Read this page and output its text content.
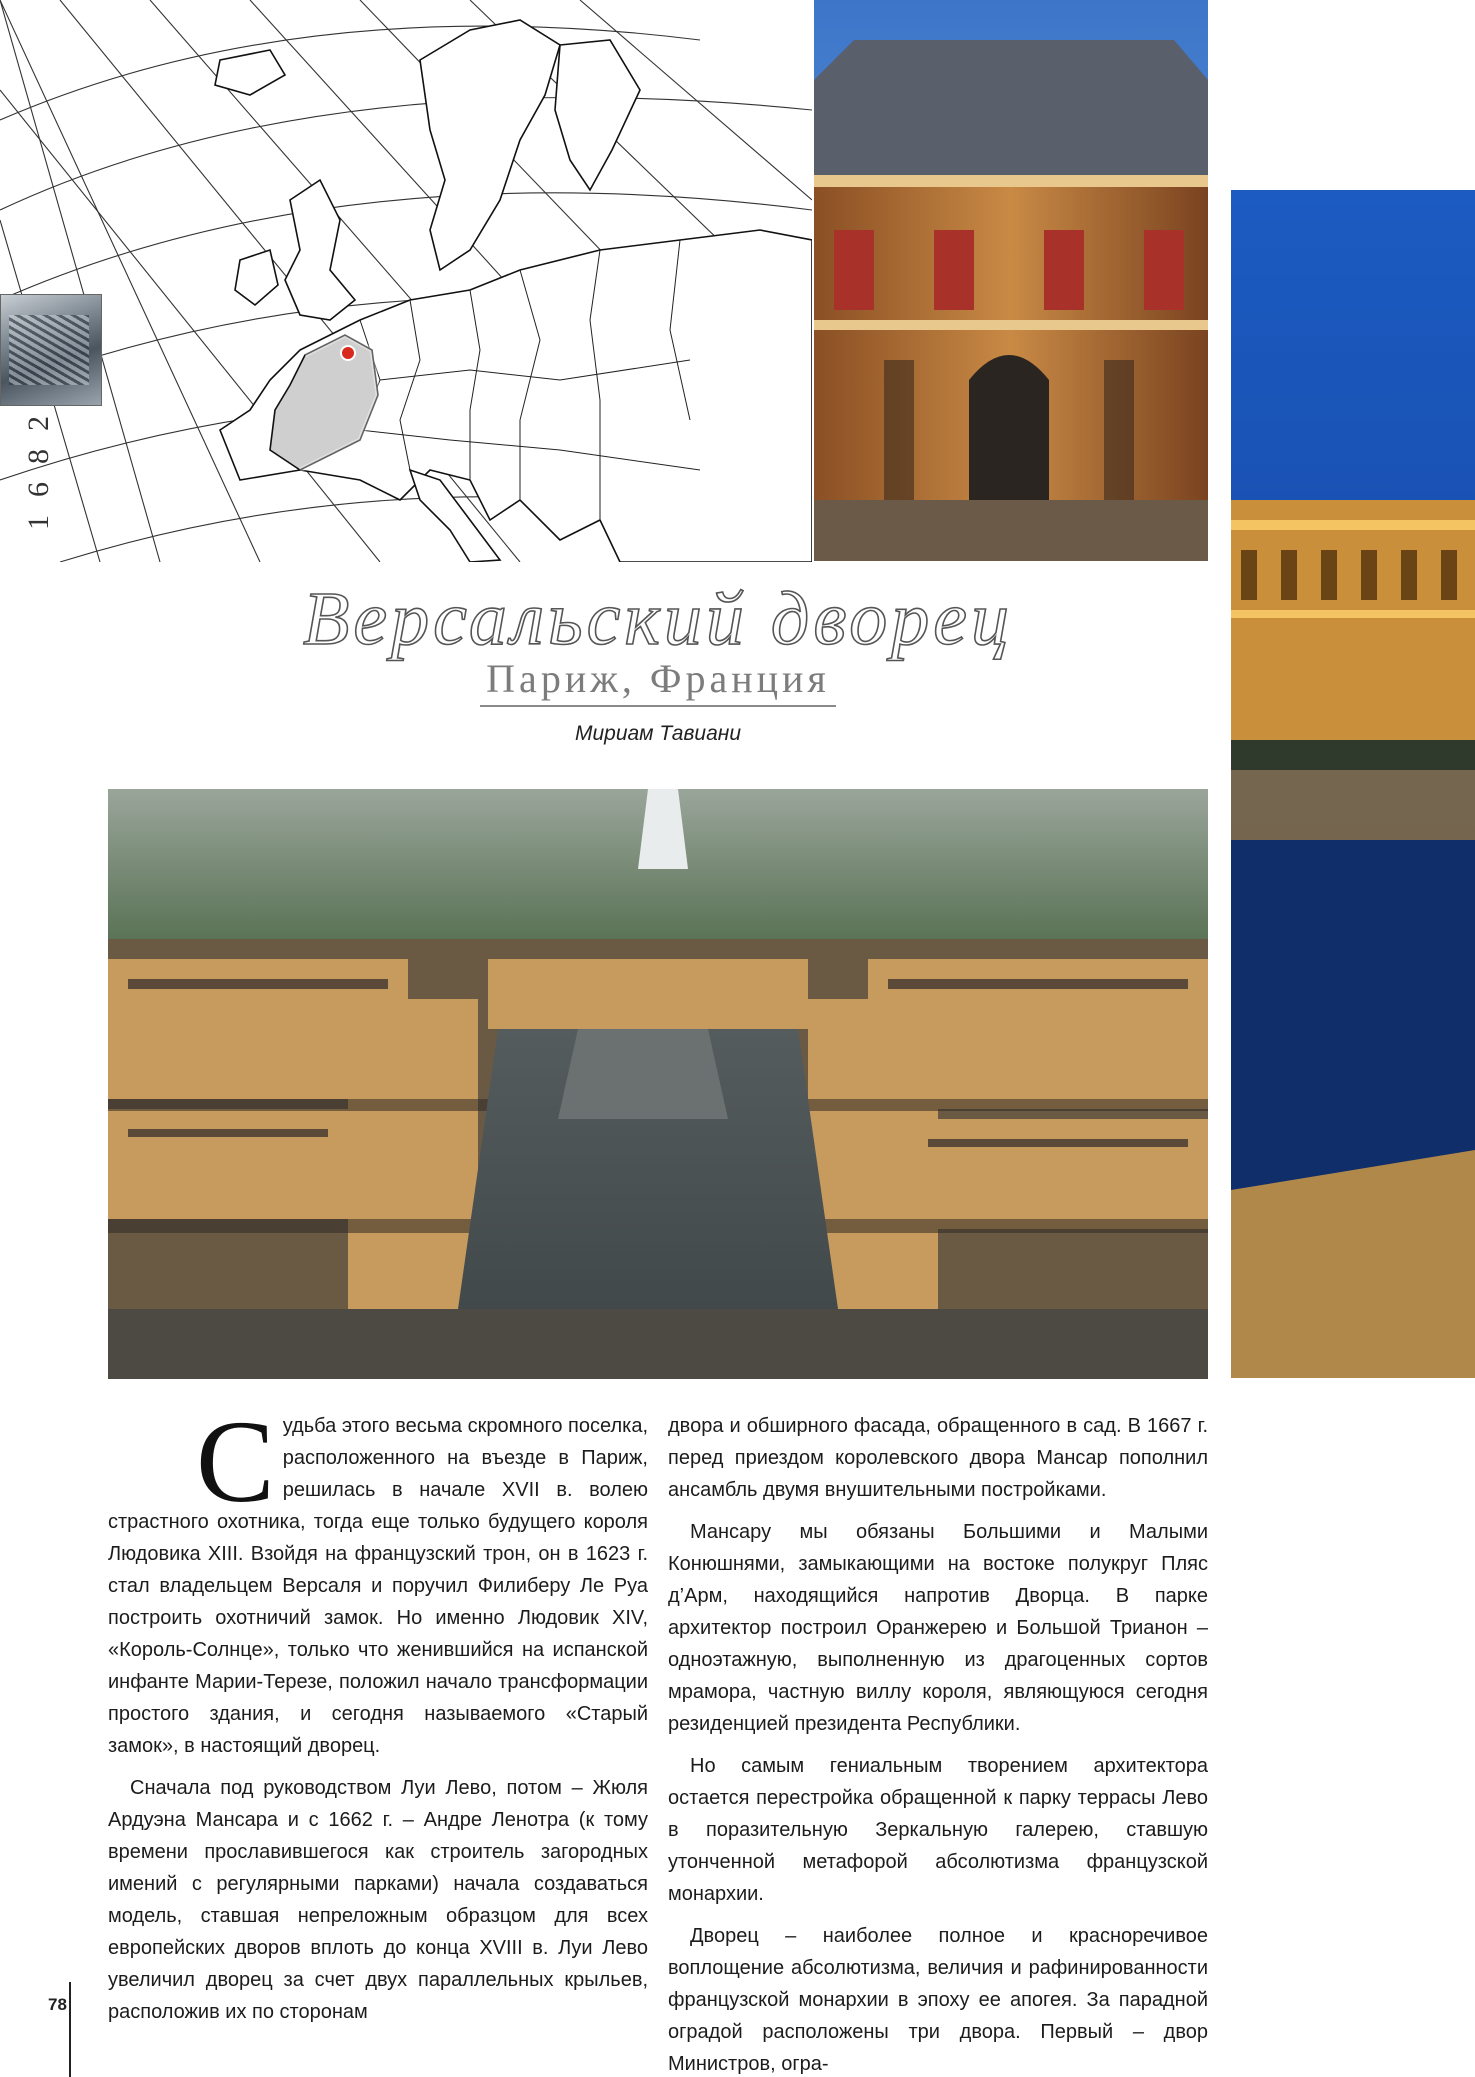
1682
Версальский дворец
Париж, Франция
Мириам Тавиани

Судьба этого весьма скромного поселка, расположенного на въезде в Париж, решилась в начале XVII в. волею страстного охотника, тогда еще только будущего короля Людовика XIII. Взойдя на французский трон, он в 1623 г. стал владельцем Версаля и поручил Филиберу Ле Руа построить охотничий замок. Но именно Людовик XIV, «Король-Солнце», только что женившийся на испанской инфанте Марии-Терезе, положил начало трансформации простого здания, и сегодня называемого «Старый замок», в настоящий дворец.

Сначала под руководством Луи Лево, потом – Жюля Ардуэна Мансара и с 1662 г. – Андре Ленотра (к тому времени прославившегося как строитель загородных имений с регулярными парками) начала создаваться модель, ставшая непреложным образцом для всех европейских дворов вплоть до конца XVIII в. Луи Лево увеличил дворец за счет двух параллельных крыльев, расположив их по сторонам

двора и обширного фасада, обращенного в сад. В 1667 г. перед приездом королевского двора Мансар пополнил ансамбль двумя внушительными постройками.

Мансару мы обязаны Большими и Малыми Конюшнями, замыкающими на востоке полукруг Пляс д’Арм, находящийся напротив Дворца. В парке архитектор построил Оранжерею и Большой Трианон – одноэтажную, выполненную из драгоценных сортов мрамора, частную виллу короля, являющуюся сегодня резиденцией президента Республики.

Но самым гениальным творением архитектора остается перестройка обращенной к парку террасы Лево в поразительную Зеркальную галерею, ставшую утонченной метафорой абсолютизма французской монархии.

Дворец – наиболее полное и красноречивое воплощение абсолютизма, величия и рафинированности французской монархии в эпоху ее апогея. За парадной оградой расположены три двора. Первый – двор Министров, огра-

78
